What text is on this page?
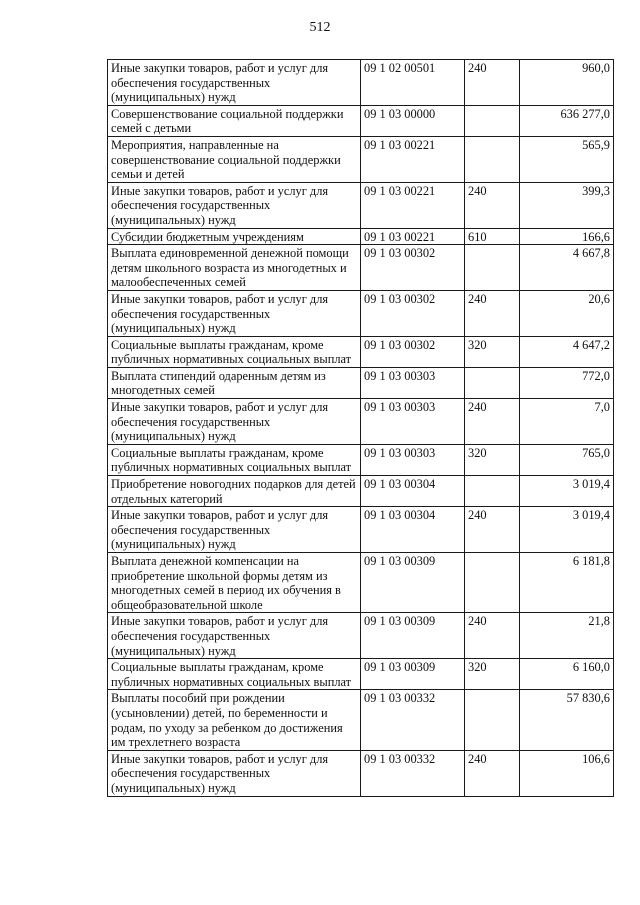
512
Иные закупки товаров, работ и услуг для обеспечения государственных (муниципальных) нужд	09 1 02 00501	240	960,0
Совершенствование социальной поддержки семей с детьми	09 1 03 00000		636 277,0
Мероприятия, направленные на совершенствование социальной поддержки семьи и детей	09 1 03 00221		565,9
Иные закупки товаров, работ и услуг для обеспечения государственных (муниципальных) нужд	09 1 03 00221	240	399,3
Субсидии бюджетным учреждениям	09 1 03 00221	610	166,6
Выплата единовременной денежной помощи детям школьного возраста из многодетных и малообеспеченных семей	09 1 03 00302		4 667,8
Иные закупки товаров, работ и услуг для обеспечения государственных (муниципальных) нужд	09 1 03 00302	240	20,6
Социальные выплаты гражданам, кроме публичных нормативных социальных выплат	09 1 03 00302	320	4 647,2
Выплата стипендий одаренным детям из многодетных семей	09 1 03 00303		772,0
Иные закупки товаров, работ и услуг для обеспечения государственных (муниципальных) нужд	09 1 03 00303	240	7,0
Социальные выплаты гражданам, кроме публичных нормативных социальных выплат	09 1 03 00303	320	765,0
Приобретение новогодних подарков для детей отдельных категорий	09 1 03 00304		3 019,4
Иные закупки товаров, работ и услуг для обеспечения государственных (муниципальных) нужд	09 1 03 00304	240	3 019,4
Выплата денежной компенсации на приобретение школьной формы детям из многодетных семей в период их обучения в общеобразовательной школе	09 1 03 00309		6 181,8
Иные закупки товаров, работ и услуг для обеспечения государственных (муниципальных) нужд	09 1 03 00309	240	21,8
Социальные выплаты гражданам, кроме публичных нормативных социальных выплат	09 1 03 00309	320	6 160,0
Выплаты пособий при рождении (усыновлении) детей, по беременности и родам, по уходу за ребенком до достижения им трехлетнего возраста	09 1 03 00332		57 830,6
Иные закупки товаров, работ и услуг для обеспечения государственных (муниципальных) нужд	09 1 03 00332	240	106,6
